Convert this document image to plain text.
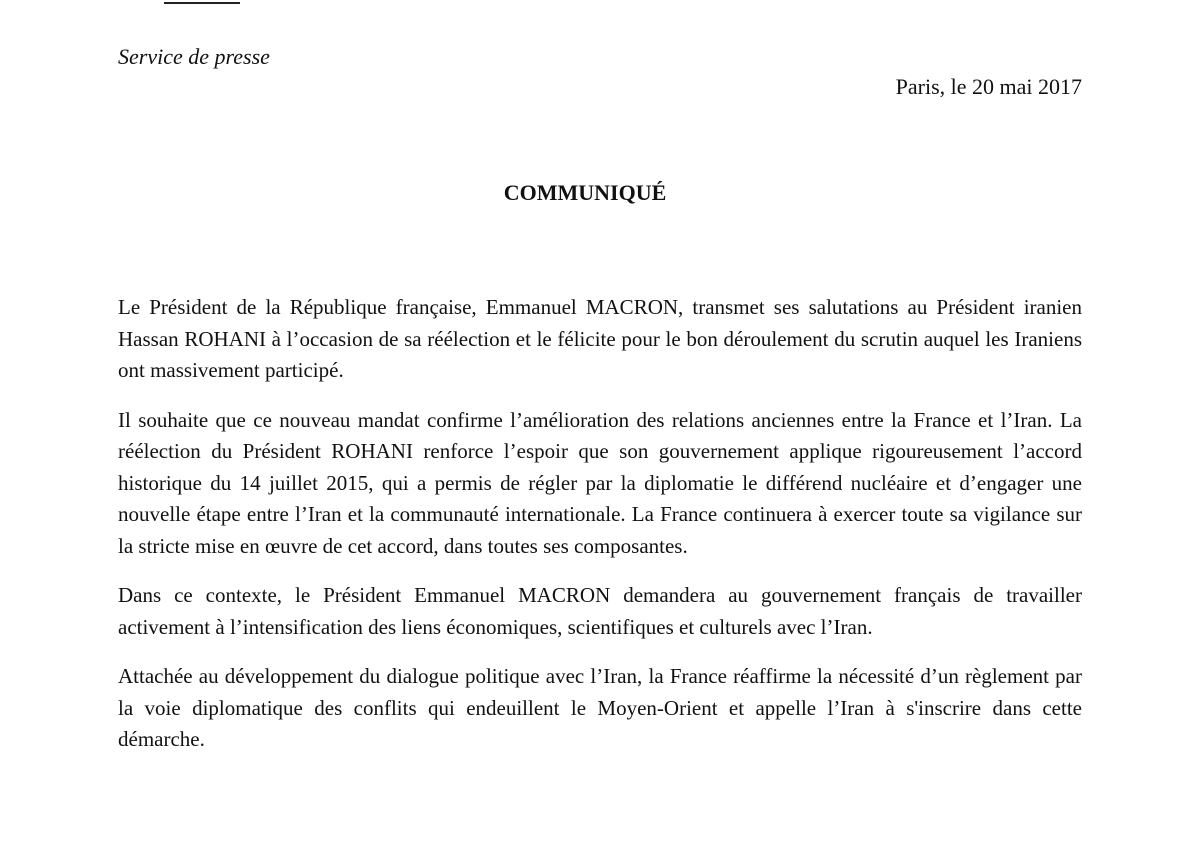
Service de presse
Paris, le 20 mai 2017
COMMUNIQUÉ

Le Président de la République française, Emmanuel MACRON, transmet ses salutations au Président iranien Hassan ROHANI à l’occasion de sa réélection et le félicite pour le bon déroulement du scrutin auquel les Iraniens ont massivement participé.

Il souhaite que ce nouveau mandat confirme l’amélioration des relations anciennes entre la France et l’Iran. La réélection du Président ROHANI renforce l’espoir que son gouvernement applique rigoureusement l’accord historique du 14 juillet 2015, qui a permis de régler par la diplomatie le différend nucléaire et d’engager une nouvelle étape entre l’Iran et la communauté internationale. La France continuera à exercer toute sa vigilance sur la stricte mise en œuvre de cet accord, dans toutes ses composantes.

Dans ce contexte, le Président Emmanuel MACRON demandera au gouvernement français de travailler activement à l’intensification des liens économiques, scientifiques et culturels avec l’Iran.

Attachée au développement du dialogue politique avec l’Iran, la France réaffirme la nécessité d’un règlement par la voie diplomatique des conflits qui endeuillent le Moyen-Orient et appelle l’Iran à s'inscrire dans cette démarche.
